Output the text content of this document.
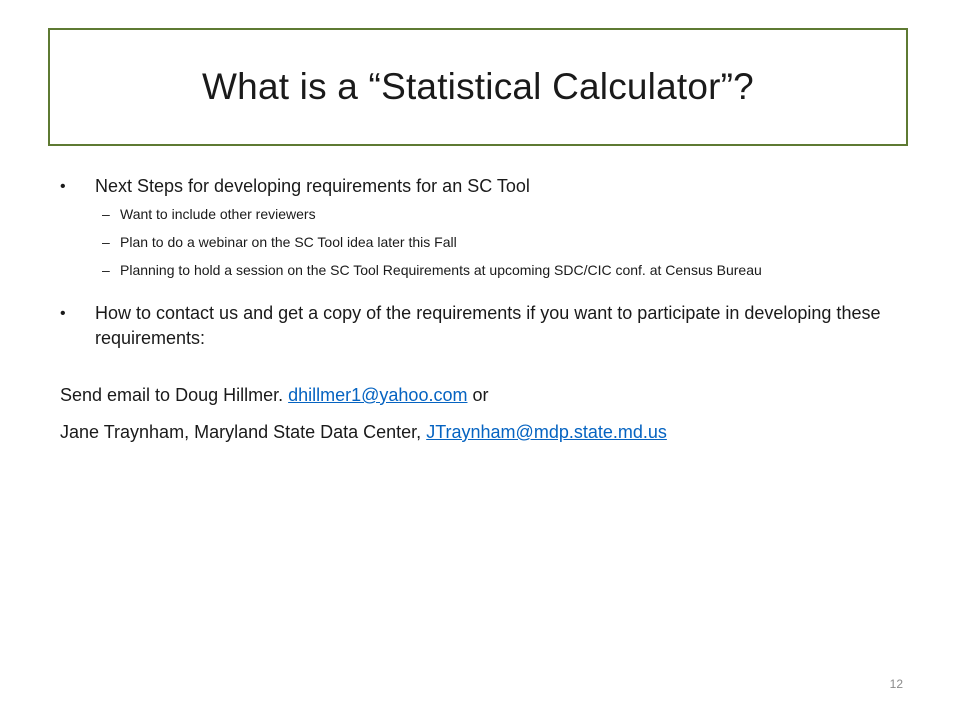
What is a “Statistical Calculator”?
• Next Steps for developing requirements for an SC Tool
– Want to include other reviewers
– Plan to do a webinar on the SC Tool idea later this Fall
– Planning to hold a session on the SC Tool Requirements at upcoming SDC/CIC conf. at Census Bureau
• How to contact us and get a copy of the requirements if you want to participate in developing these requirements:
Send email to Doug Hillmer. dhillmer1@yahoo.com or
Jane Traynham, Maryland State Data Center, JTraynham@mdp.state.md.us
12
